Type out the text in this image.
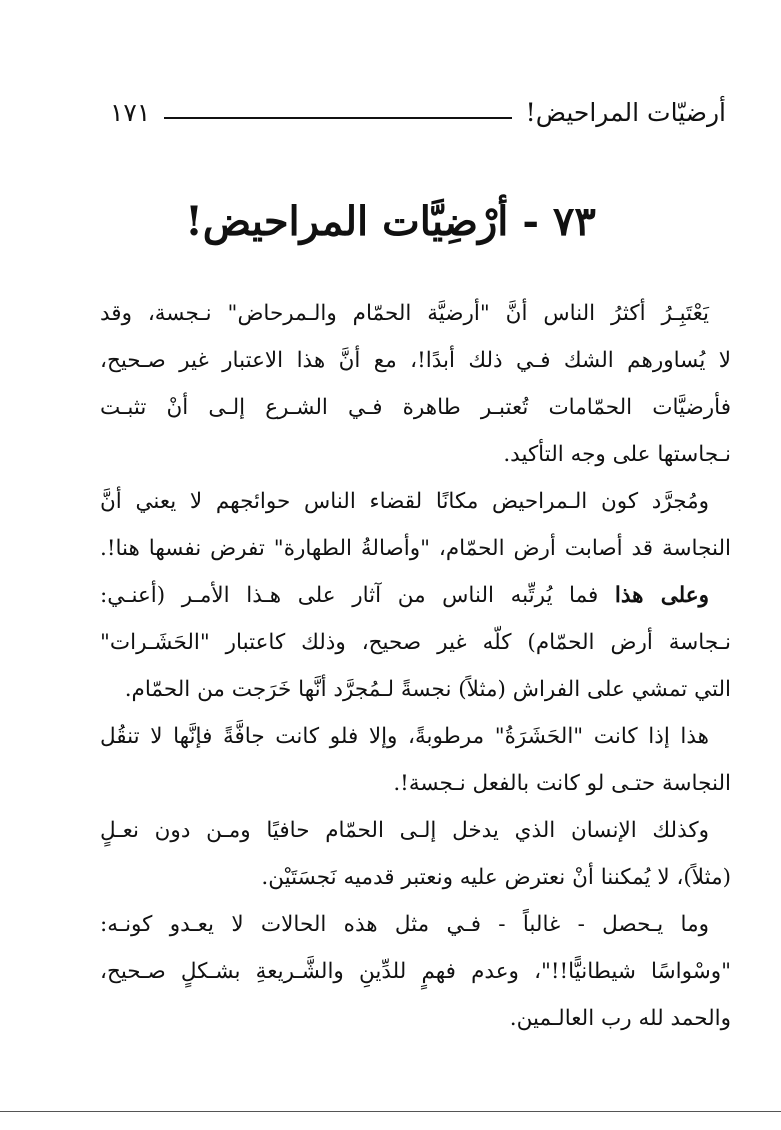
أرضيّات المراحيض!
١٧١
٧٣ - أرْضِيَّات المراحيض!
يَعْتَبِـرُ أكثرُ الناس أنَّ "أرضيَّة الحمّام والـمرحاض" نـجسة، وقد
لا يُساورهم الشك فـي ذلك أبدًا!، مع أنَّ هذا الاعتبار غير صـحيح،
فأرضيَّات الحمّامات تُعتبـر طاهرة فـي الشـرع إلـى أنْ تثبـت
نـجاستها على وجه التأكيد.
ومُجرَّد كون الـمراحيض مكانًا لقضاء الناس حوائجهم لا يعني أنَّ
النجاسة قد أصابت أرض الحمّام، "وأصالةُ الطهارة" تفرض نفسها هنا!.
وعلى هذا فما يُرتِّبه الناس من آثار على هـذا الأمـر (أعنـي:
نـجاسة أرض الحمّام) كلّه غير صحيح، وذلك كاعتبار "الحَشَـرات"
التي تمشي على الفراش (مثلاً) نجسةً لـمُجرَّد أنَّها خَرَجت من الحمّام.
هذا إذا كانت "الحَشَرَةُ" مرطوبةً، وإلا فلو كانت جافَّةً فإنَّها لا تنقُل
النجاسة حتـى لو كانت بالفعل نـجسة!.
وكذلك الإنسان الذي يدخل إلـى الحمّام حافيًا ومـن دون نعـلٍ
(مثلاً)، لا يُمكننا أنْ نعترض عليه ونعتبر قدميه نَجسَتَيْن.
وما يـحصل - غالباً - فـي مثل هذه الحالات لا يعـدو كونـه:
"وسْواسًا شيطانيًّا!!"، وعدم فهمٍ للدِّينِ والشَّـريعةِ بشـكلٍ صـحيح،
والحمد لله رب العالـمين.
